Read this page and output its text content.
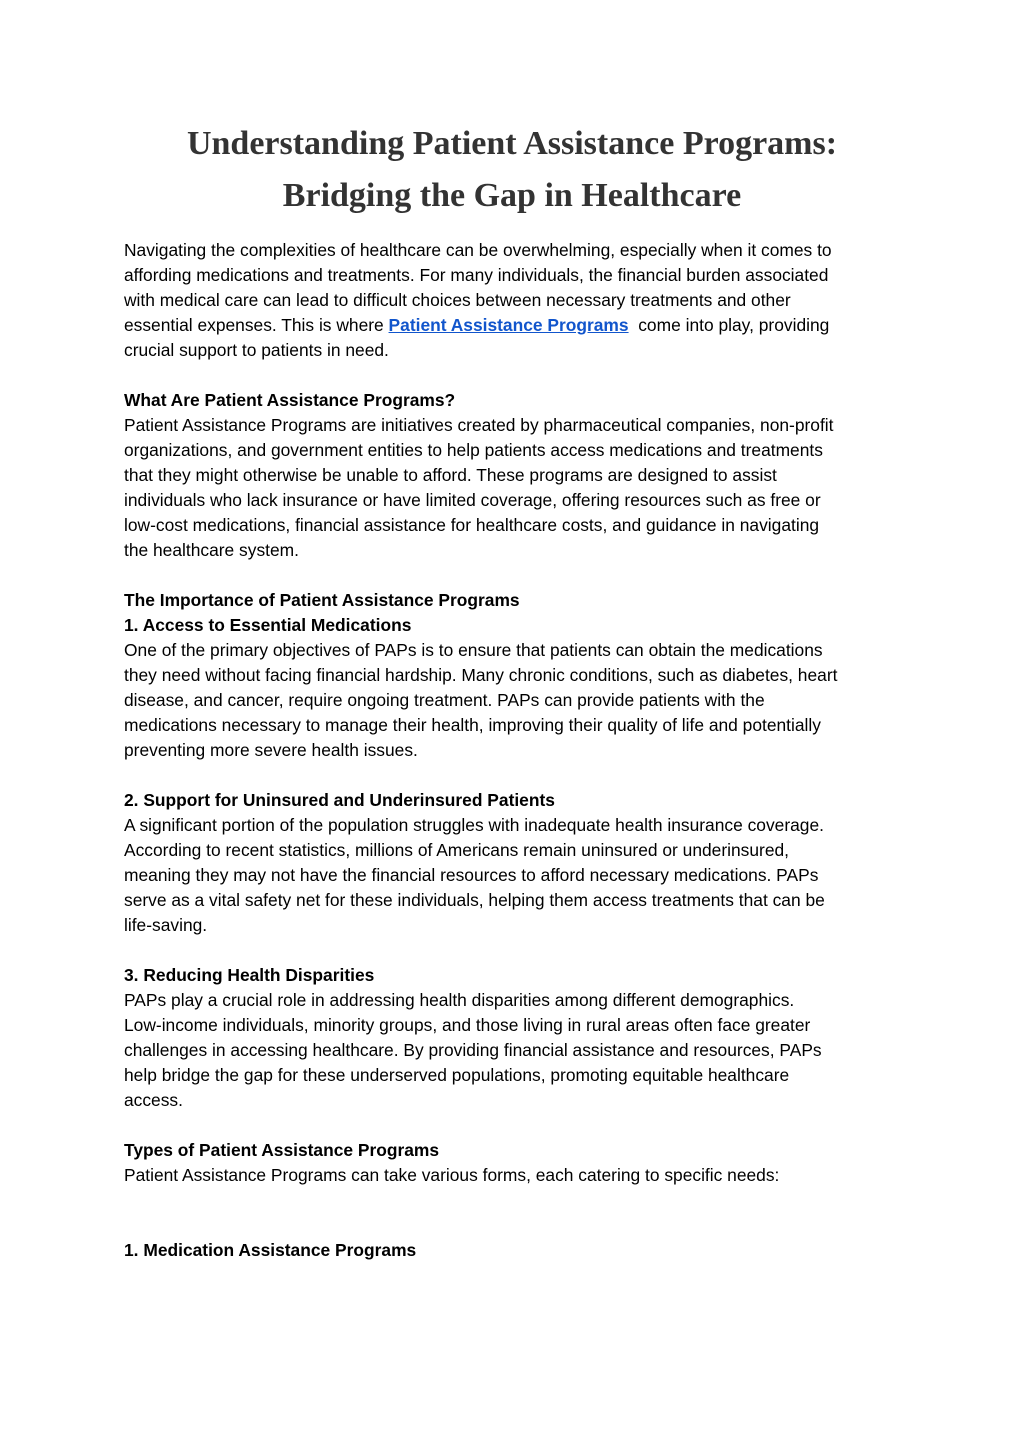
Understanding Patient Assistance Programs:
Bridging the Gap in Healthcare

Navigating the complexities of healthcare can be overwhelming, especially when it comes to
affording medications and treatments. For many individuals, the financial burden associated
with medical care can lead to difficult choices between necessary treatments and other
essential expenses. This is where Patient Assistance Programs  come into play, providing
crucial support to patients in need.

What Are Patient Assistance Programs?
Patient Assistance Programs are initiatives created by pharmaceutical companies, non-profit
organizations, and government entities to help patients access medications and treatments
that they might otherwise be unable to afford. These programs are designed to assist
individuals who lack insurance or have limited coverage, offering resources such as free or
low-cost medications, financial assistance for healthcare costs, and guidance in navigating
the healthcare system.

The Importance of Patient Assistance Programs
1. Access to Essential Medications
One of the primary objectives of PAPs is to ensure that patients can obtain the medications
they need without facing financial hardship. Many chronic conditions, such as diabetes, heart
disease, and cancer, require ongoing treatment. PAPs can provide patients with the
medications necessary to manage their health, improving their quality of life and potentially
preventing more severe health issues.

2. Support for Uninsured and Underinsured Patients
A significant portion of the population struggles with inadequate health insurance coverage.
According to recent statistics, millions of Americans remain uninsured or underinsured,
meaning they may not have the financial resources to afford necessary medications. PAPs
serve as a vital safety net for these individuals, helping them access treatments that can be
life-saving.

3. Reducing Health Disparities
PAPs play a crucial role in addressing health disparities among different demographics.
Low-income individuals, minority groups, and those living in rural areas often face greater
challenges in accessing healthcare. By providing financial assistance and resources, PAPs
help bridge the gap for these underserved populations, promoting equitable healthcare
access.

Types of Patient Assistance Programs
Patient Assistance Programs can take various forms, each catering to specific needs:

1. Medication Assistance Programs
